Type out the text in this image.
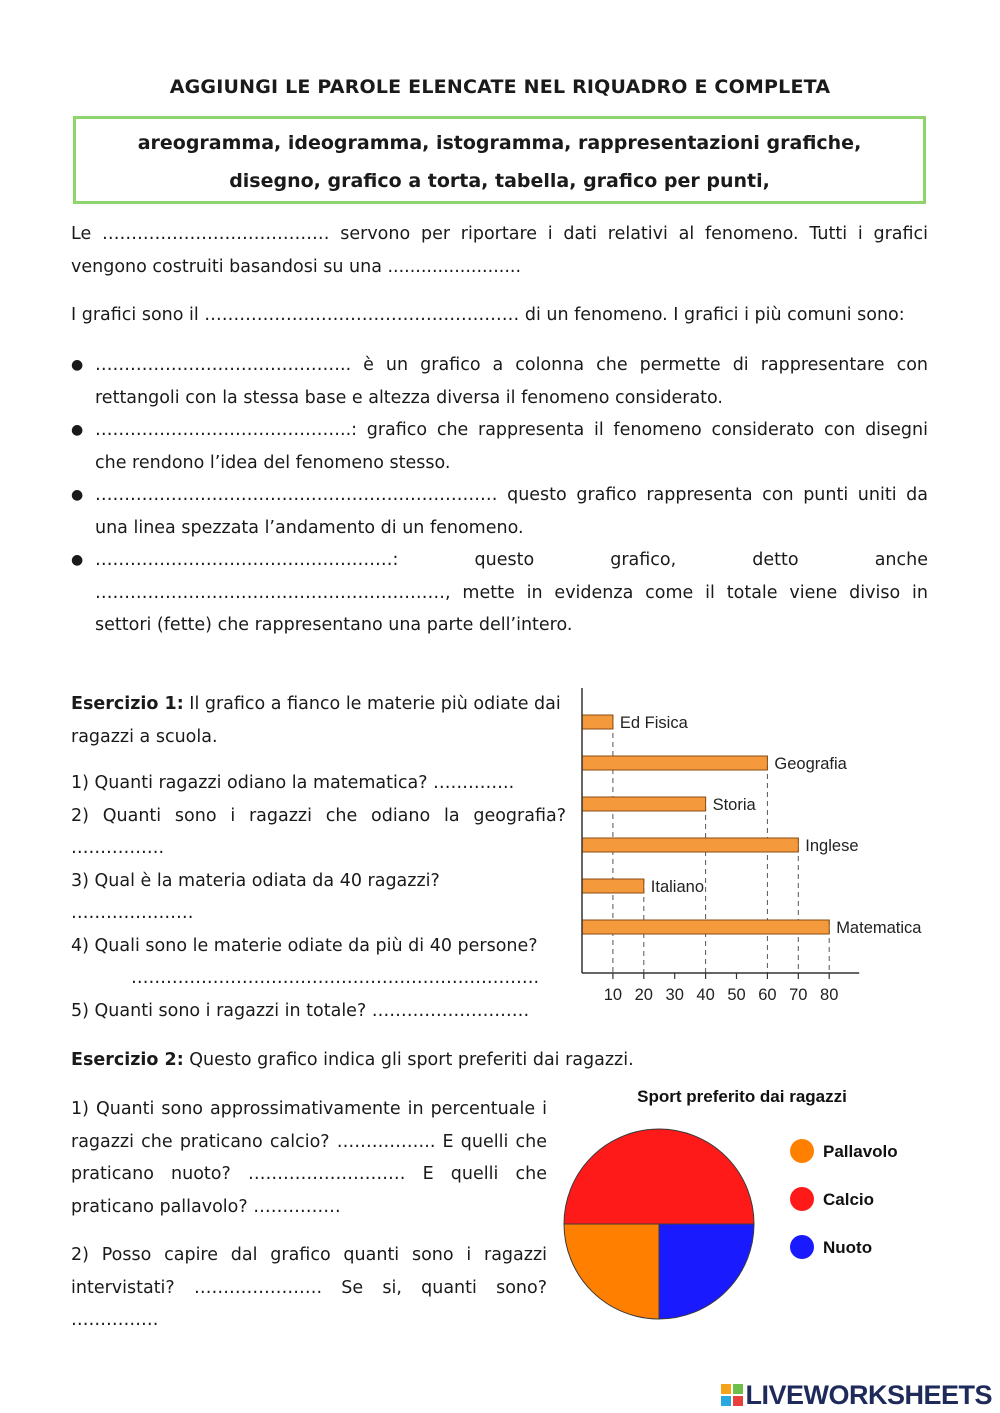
AGGIUNGI LE PAROLE ELENCATE NEL RIQUADRO E COMPLETA
areogramma, ideogramma, istogramma, rappresentazioni grafiche,
disegno, grafico a torta, tabella, grafico per punti,
Le ………………………………… servono per riportare i dati relativi al fenomeno. Tutti i grafici vengono costruiti basandosi su una ........................
I grafici sono il ……………………………………………… di un fenomeno. I grafici i più comuni sono:
● …………………………………….. è un grafico a colonna che permette di rappresentare con rettangoli con la stessa base e altezza diversa il fenomeno considerato.
● ……………………………………..: grafico che rappresenta il fenomeno considerato con disegni che rendono l’idea del fenomeno stesso.
● …………………………………………………………… questo grafico rappresenta con punti uniti da una linea spezzata l’andamento di un fenomeno.
● ……………………………………………: questo grafico, detto anche ……………………………………………………, mette in evidenza come il totale viene diviso in settori (fette) che rappresentano una parte dell’intero.

Esercizio 1: Il grafico a fianco le materie più odiate dai ragazzi a scuola.

1) Quanti ragazzi odiano la matematica? …………..

2) Quanti sono i ragazzi che odiano la geografia? …………….

3) Qual è la materia odiata da 40 ragazzi? …………………

4) Quali sono le materie odiate da più di 40 persone?

…………………………………………………………….

5) Quanti sono i ragazzi in totale? ………………………

Ed Fisica
Geografia
Storia
Inglese
Italiano
Matematica
10 20 30 40 50 60 70 80
Esercizio 2: Questo grafico indica gli sport preferiti dai ragazzi.

1) Quanti sono approssimativamente in percentuale i ragazzi che praticano calcio? …………….. E quelli che praticano nuoto? ……………………… E quelli che praticano pallavolo? ……………

2) Posso capire dal grafico quanti sono i ragazzi intervistati? …………………. Se si, quanti sono? ……………

Sport preferito dai ragazzi
Pallavolo
Calcio
Nuoto
LIVEWORKSHEETS
